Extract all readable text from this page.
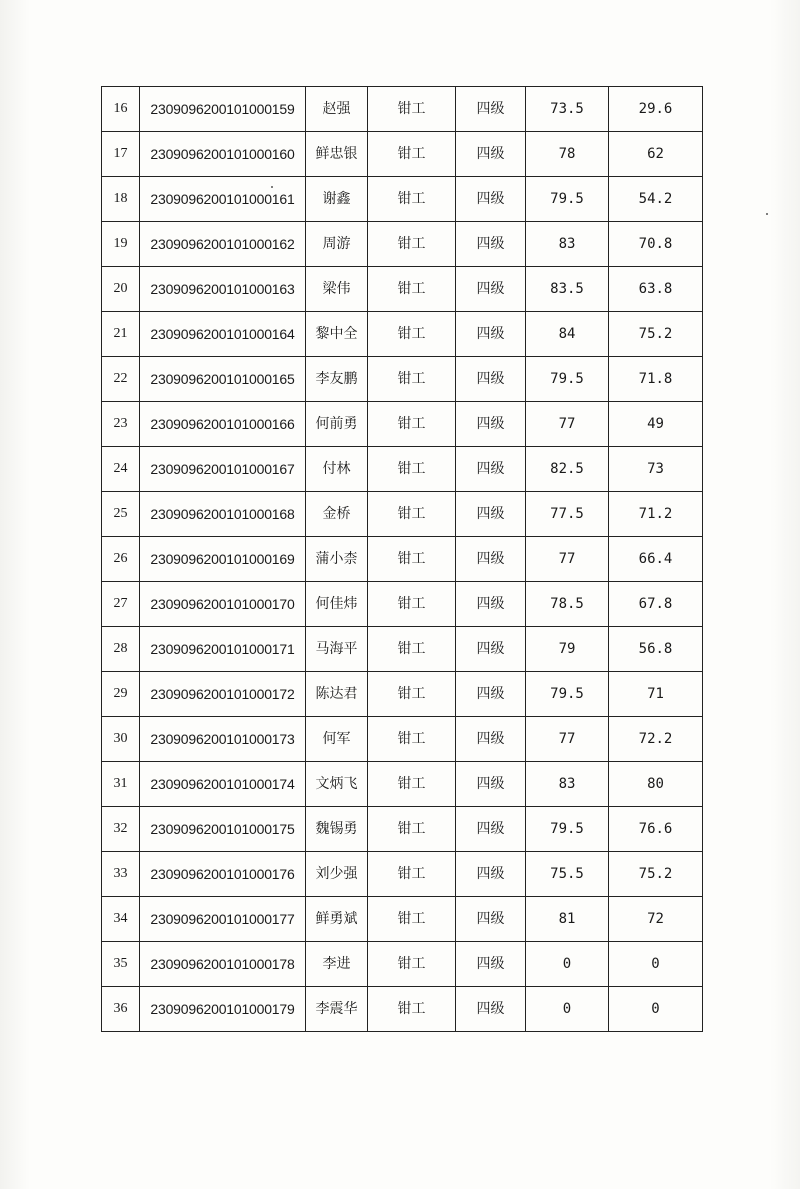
16	2309096200101000159	赵强	钳工	四级	73.5	29.6
17	2309096200101000160	鲜忠银	钳工	四级	78	62
18	2309096200101000161	谢鑫	钳工	四级	79.5	54.2
19	2309096200101000162	周游	钳工	四级	83	70.8
20	2309096200101000163	梁伟	钳工	四级	83.5	63.8
21	2309096200101000164	黎中全	钳工	四级	84	75.2
22	2309096200101000165	李友鹏	钳工	四级	79.5	71.8
23	2309096200101000166	何前勇	钳工	四级	77	49
24	2309096200101000167	付林	钳工	四级	82.5	73
25	2309096200101000168	金桥	钳工	四级	77.5	71.2
26	2309096200101000169	蒲小柰	钳工	四级	77	66.4
27	2309096200101000170	何佳炜	钳工	四级	78.5	67.8
28	2309096200101000171	马海平	钳工	四级	79	56.8
29	2309096200101000172	陈达君	钳工	四级	79.5	71
30	2309096200101000173	何军	钳工	四级	77	72.2
31	2309096200101000174	文炳飞	钳工	四级	83	80
32	2309096200101000175	魏锡勇	钳工	四级	79.5	76.6
33	2309096200101000176	刘少强	钳工	四级	75.5	75.2
34	2309096200101000177	鲜勇斌	钳工	四级	81	72
35	2309096200101000178	李进	钳工	四级	0	0
36	2309096200101000179	李震华	钳工	四级	0	0
